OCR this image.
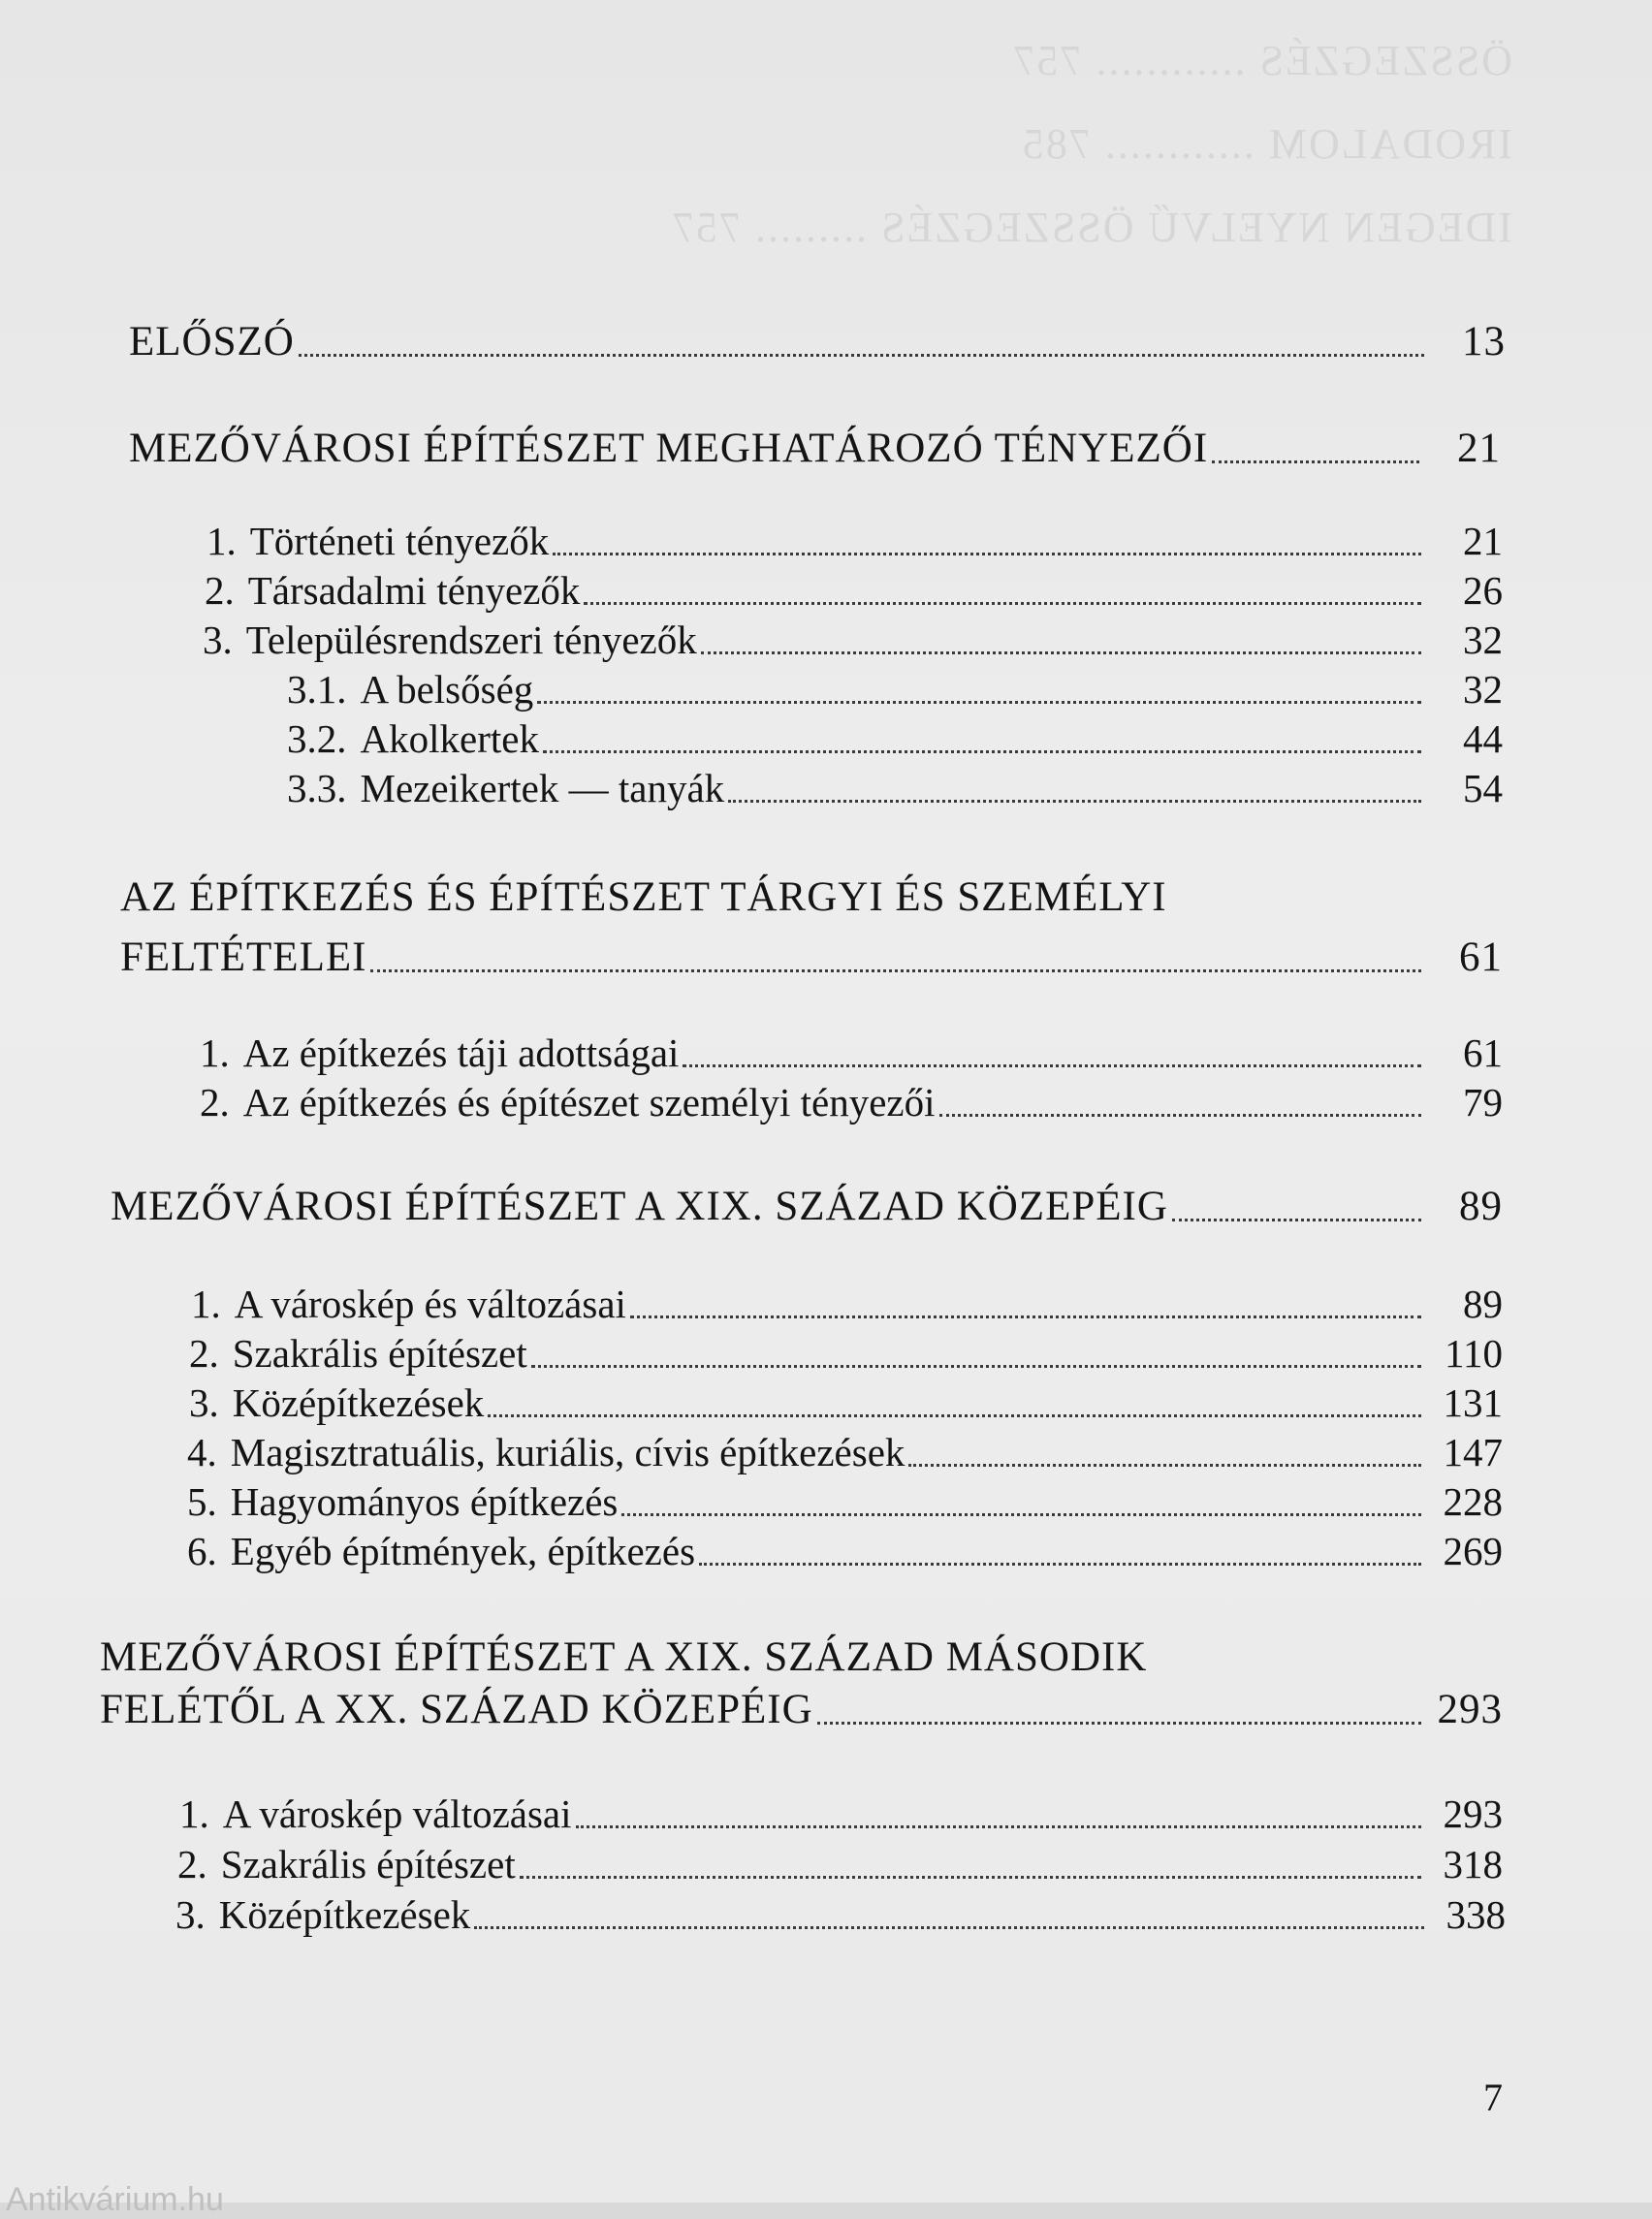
ÖSSZEGZÉS ............ 757
IRODALOM ............ 785
IDEGEN NYELVŰ ÖSSZEGZÉS ......... 757
ELŐSZÓ	13
MEZŐVÁROSI ÉPÍTÉSZET MEGHATÁROZÓ TÉNYEZŐI	21
1. Történeti tényezők	21
2. Társadalmi tényezők	26
3. Településrendszeri tényezők	32
3.1. A belsőség	32
3.2. Akolkertek	44
3.3. Mezeikertek — tanyák	54
AZ ÉPÍTKEZÉS ÉS ÉPÍTÉSZET TÁRGYI ÉS SZEMÉLYI
FELTÉTELEI	61
1. Az építkezés táji adottságai	61
2. Az építkezés és építészet személyi tényezői	79
MEZŐVÁROSI ÉPÍTÉSZET A XIX. SZÁZAD KÖZEPÉIG	89
1. A városkép és változásai	89
2. Szakrális építészet	110
3. Középítkezések	131
4. Magisztratuális, kuriális, cívis építkezések	147
5. Hagyományos építkezés	228
6. Egyéb építmények, építkezés	269
MEZŐVÁROSI ÉPÍTÉSZET A XIX. SZÁZAD MÁSODIK
FELÉTŐL A XX. SZÁZAD KÖZEPÉIG	293
1. A városkép változásai	293
2. Szakrális építészet	318
3. Középítkezések	338
7
Antikvárium.hu
